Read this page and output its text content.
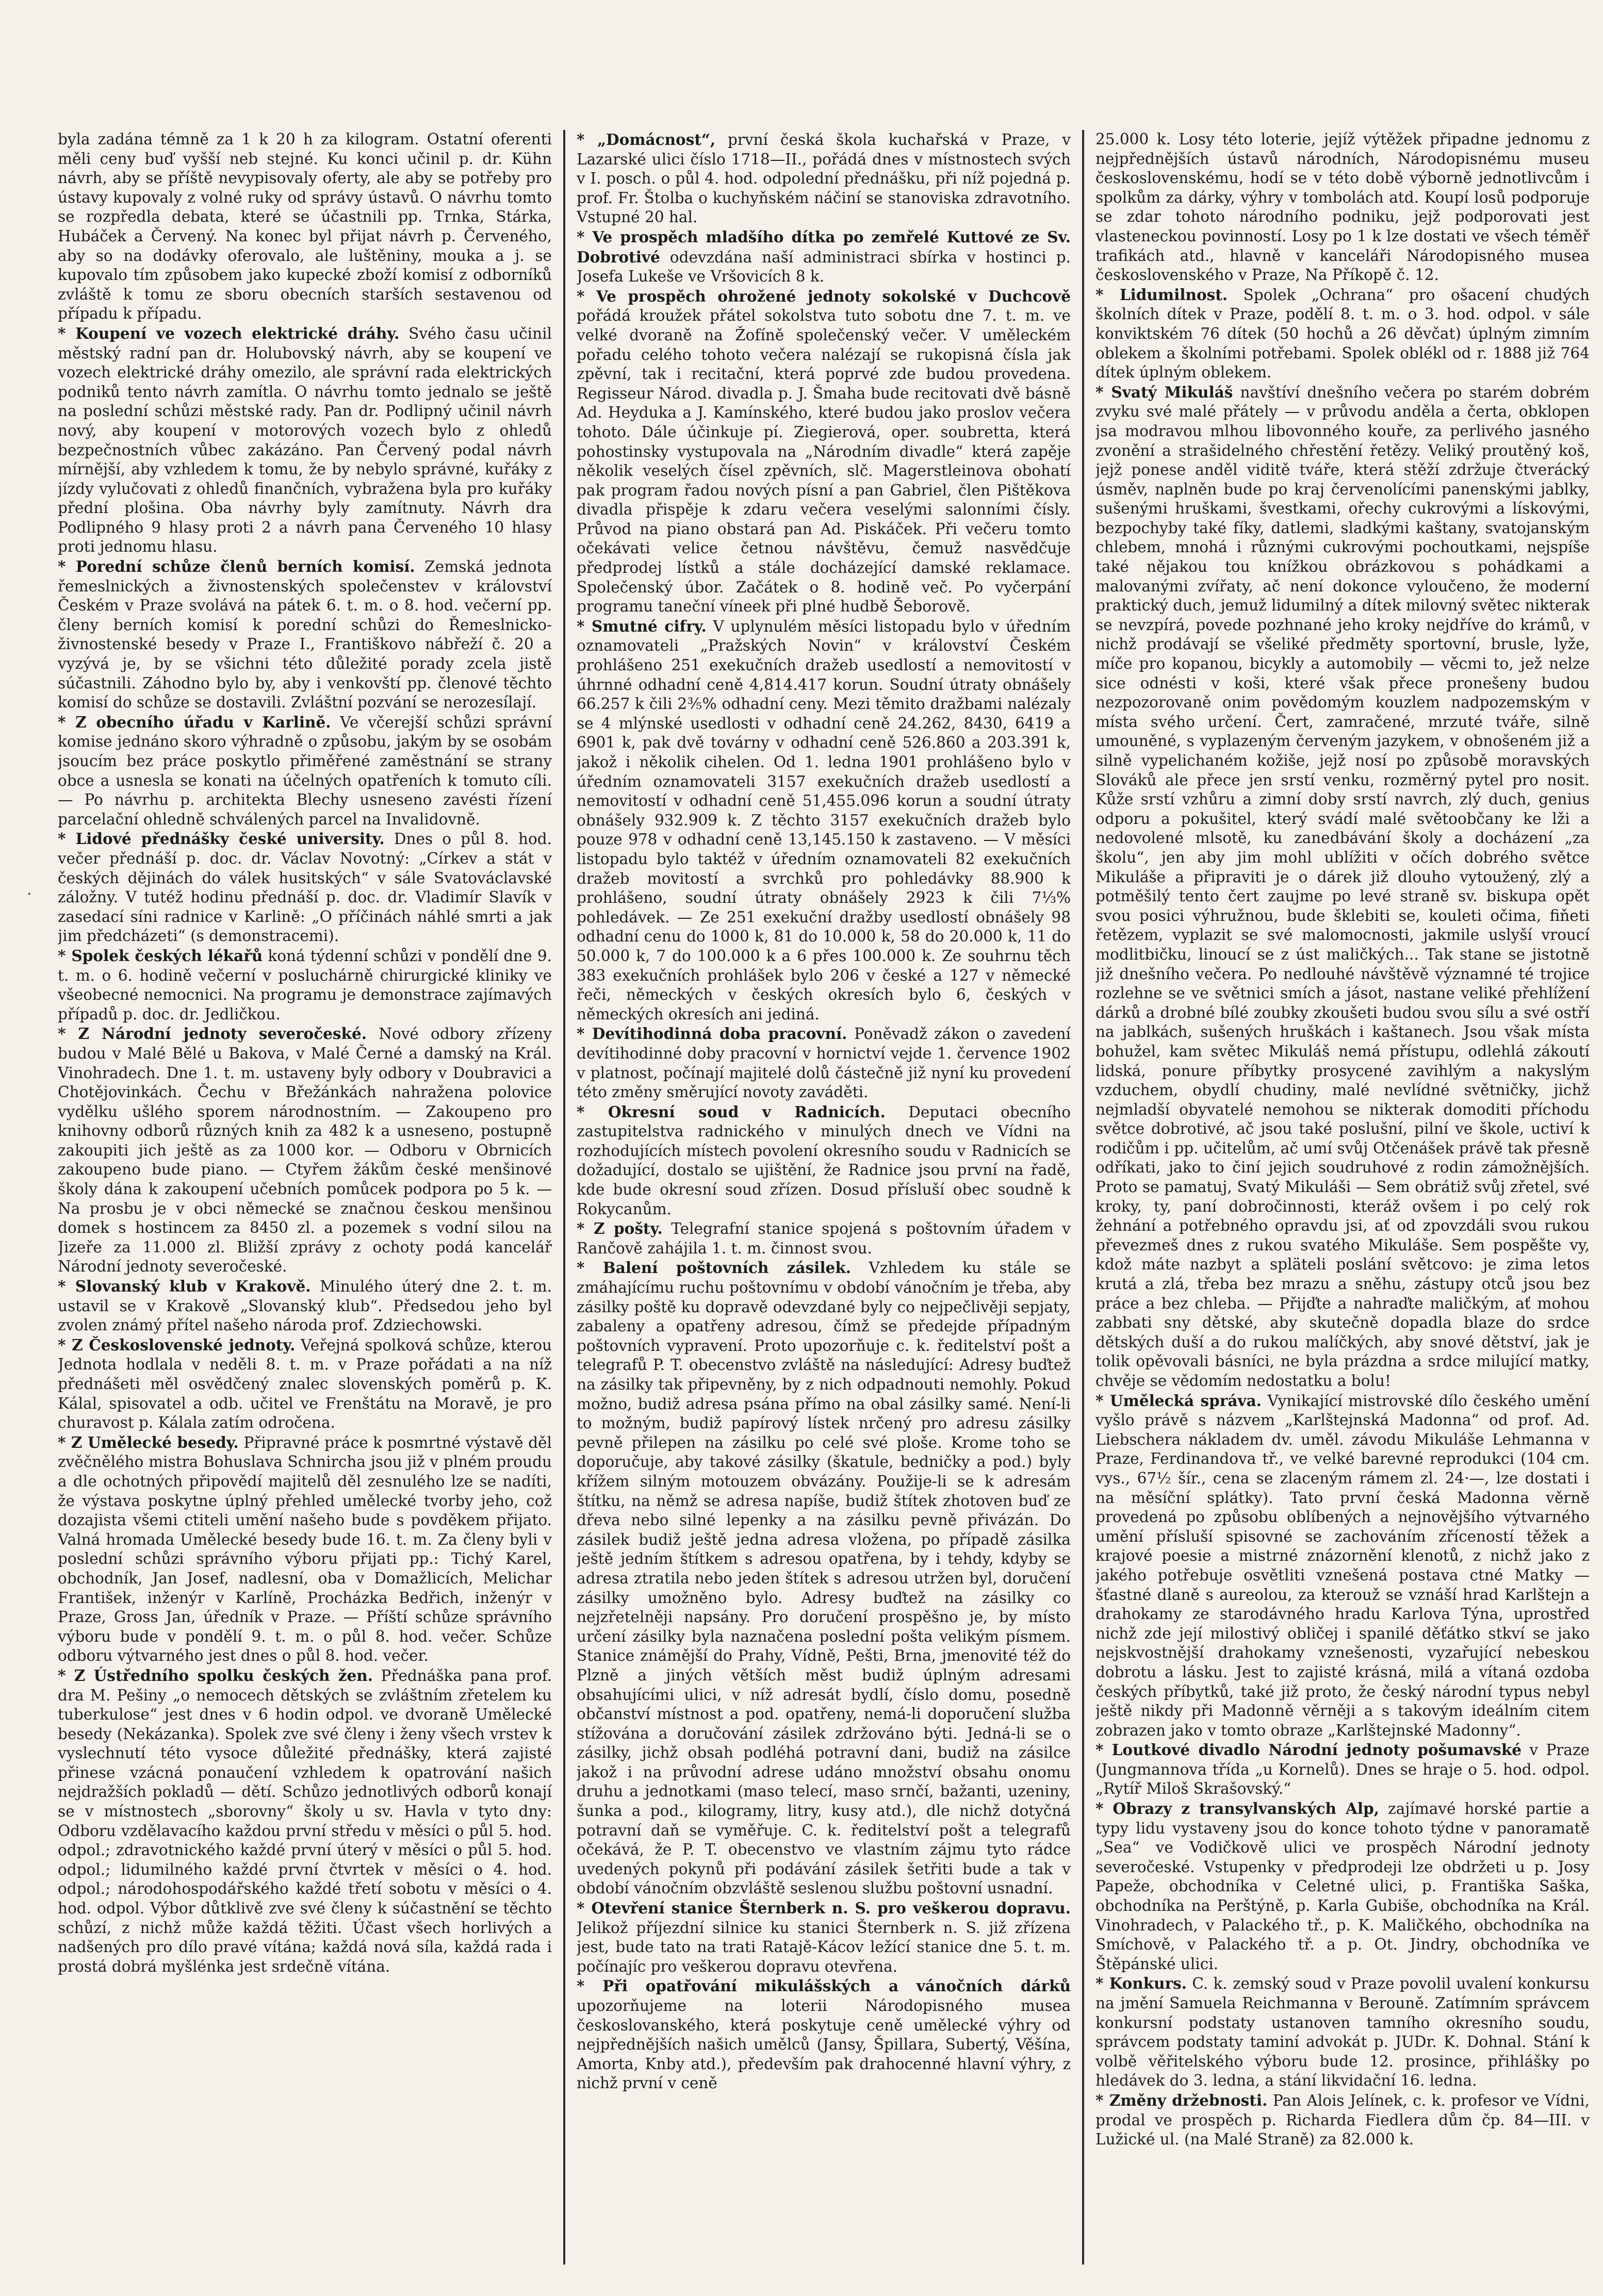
.

byla zadána témně za 1 k 20 h za kilogram. Ostatní oferenti měli ceny buď vyšší neb stejné. Ku konci učinil p. dr. Kühn návrh, aby se příště nevypisovaly oferty, ale aby se potřeby pro ústavy kupovaly z volné ruky od správy ústavů. O návrhu tomto se rozpředla debata, které se účastnili pp. Trnka, Stárka, Hubáček a Červený. Na konec byl přijat návrh p. Červeného, aby so na dodávky oferovalo, ale luštěniny, mouka a j. se kupovalo tím způsobem jako kupecké zboží komisí z odborníků zvláště k tomu ze sboru obecních starších sestavenou od případu k případu.

* Koupení ve vozech elektrické dráhy. Svého času učinil městský radní pan dr. Holubovský návrh, aby se koupení ve vozech elektrické dráhy omezilo, ale správní rada elektrických podniků tento návrh zamítla. O návrhu tomto jednalo se ještě na poslední schůzi městské rady. Pan dr. Podlipný učinil návrh nový, aby koupení v motorových vozech bylo z ohledů bezpečnostních vůbec zakázáno. Pan Červený podal návrh mírnější, aby vzhledem k tomu, že by nebylo správné, kuřáky z jízdy vylučovati z ohledů finančních, vybražena byla pro kuřáky přední plošina. Oba návrhy byly zamítnuty. Návrh dra Podlipného 9 hlasy proti 2 a návrh pana Červeného 10 hlasy proti jednomu hlasu.

* Porední schůze členů berních komisí. Zemská jednota řemeslnických a živnostenských společenstev v království Českém v Praze svolává na pátek 6. t. m. o 8. hod. večerní pp. členy berních komisí k porední schůzi do Řemeslnicko-živnostenské besedy v Praze I., Františkovo nábřeží č. 20 a vyzývá je, by se všichni této důležité porady zcela jistě súčastnili. Záhodno bylo by, aby i venkovští pp. členové těchto komisí do schůze se dostavili. Zvláštní pozvání se nerozesílají.

* Z obecního úřadu v Karlině. Ve včerejší schůzi správní komise jednáno skoro výhradně o způsobu, jakým by se osobám jsoucím bez práce poskytlo přiměřené zaměstnání se strany obce a usnesla se konati na účelných opatřeních k tomuto cíli. — Po návrhu p. architekta Blechy usneseno zavésti řízení parcelační ohledně schválených parcel na Invalidovně.

* Lidové přednášky české university. Dnes o půl 8. hod. večer přednáší p. doc. dr. Václav Novotný: „Církev a stát v českých dějinách do válek husitských“ v sále Svatováclavské záložny. V tutéž hodinu přednáší p. doc. dr. Vladimír Slavík v zasedací síni radnice v Karlině: „O příčinách náhlé smrti a jak jim předcházeti“ (s demonstracemi).

* Spolek českých lékařů koná týdenní schůzi v pondělí dne 9. t. m. o 6. hodině večerní v posluchárně chirurgické kliniky ve všeobecné nemocnici. Na programu je demonstrace zajímavých případů p. doc. dr. Jedličkou.

* Z Národní jednoty severočeské. Nové odbory zřízeny budou v Malé Bělé u Bakova, v Malé Černé a damský na Král. Vinohradech. Dne 1. t. m. ustaveny byly odbory v Doubravici a Chotějovinkách. Čechu v Břežánkách nahražena polovice vydělku ušlého sporem národnostním. — Zakoupeno pro knihovny odborů různých knih za 482 k a usneseno, postupně zakoupiti jich ještě as za 1000 kor. — Odboru v Obrnicích zakoupeno bude piano. — Ctyřem žákům české menšinové školy dána k zakoupení učebních pomůcek podpora po 5 k. — Na prosbu je v obci německé se značnou českou menšinou domek s hostincem za 8450 zl. a pozemek s vodní silou na Jizeře za 11.000 zl. Bližší zprávy z ochoty podá kancelář Národní jednoty severočeské.

* Slovanský klub v Krakově. Minulého úterý dne 2. t. m. ustavil se v Krakově „Slovanský klub“. Předsedou jeho byl zvolen známý přítel našeho národa prof. Zdziechowski.

* Z Československé jednoty. Veřejná spolková schůze, kterou Jednota hodlala v neděli 8. t. m. v Praze pořádati a na níž přednášeti měl osvědčený znalec slovenských poměrů p. K. Kálal, spisovatel a odb. učitel ve Frenštátu na Moravě, je pro churavost p. Kálala zatím odročena.

* Z Umělecké besedy. Připravné práce k posmrtné výstavě děl zvěčnělého mistra Bohuslava Schnircha jsou již v plném proudu a dle ochotných připovědí majitelů děl zesnulého lze se nadíti, že výstava poskytne úplný přehled umělecké tvorby jeho, což dozajista všemi ctiteli umění našeho bude s povděkem přijato. Valná hromada Umělecké besedy bude 16. t. m. Za členy byli v poslední schůzi správního výboru přijati pp.: Tichý Karel, obchodník, Jan Josef, nadlesní, oba v Domažlicích, Melichar František, inženýr v Karlíně, Procházka Bedřich, inženýr v Praze, Gross Jan, úředník v Praze. — Příští schůze správního výboru bude v pondělí 9. t. m. o půl 8. hod. večer. Schůze odboru výtvarného jest dnes o půl 8. hod. večer.

* Z Ústředního spolku českých žen. Přednáška pana prof. dra M. Pešiny „o nemocech dětských se zvláštním zřetelem ku tuberkulose“ jest dnes v 6 hodin odpol. ve dvoraně Umělecké besedy (Nekázanka). Spolek zve své členy i ženy všech vrstev k vyslechnutí této vysoce důležité přednášky, která zajisté přinese vzácná ponaučení vzhledem k opatrování našich nejdražších pokladů — dětí. Schůzo jednotlivých odborů konají se v místnostech „sborovny“ školy u sv. Havla v tyto dny: Odboru vzdělavacího každou první středu v měsíci o půl 5. hod. odpol.; zdravotnického každé první úterý v měsíci o půl 5. hod. odpol.; lidumilného každé první čtvrtek v měsíci o 4. hod. odpol.; národohospodářského každé třetí sobotu v měsíci o 4. hod. odpol. Výbor důtklivě zve své členy k súčastnění se těchto schůzí, z nichž může každá těžiti. Účast všech horlivých a nadšených pro dílo pravé vítána; každá nová síla, každá rada i prostá dobrá myšlénka jest srdečně vítána.

* „Domácnost“, první česká škola kuchařská v Praze, v Lazarské ulici číslo 1718—II., pořádá dnes v místnostech svých v I. posch. o půl 4. hod. odpolední přednášku, při níž pojedná p. prof. Fr. Štolba o kuchyňském náčiní se stanoviska zdravotního. Vstupné 20 hal.

* Ve prospěch mladšího dítka po zemřelé Kuttové ze Sv. Dobrotivé odevzdána naší administraci sbírka v hostinci p. Josefa Lukeše ve Vršovicích 8 k.

* Ve prospěch ohrožené jednoty sokolské v Duchcově pořádá kroužek přátel sokolstva tuto sobotu dne 7. t. m. ve velké dvoraně na Žofíně společenský večer. V uměleckém pořadu celého tohoto večera nalézají se rukopisná čísla jak zpěvní, tak i recitační, která poprvé zde budou provedena. Regisseur Národ. divadla p. J. Šmaha bude recitovati dvě básně Ad. Heyduka a J. Kamínského, které budou jako proslov večera tohoto. Dále účinkuje pí. Ziegierová, oper. soubretta, která pohostinsky vystupovala na „Národním divadle“ která zapěje několik veselých čísel zpěvních, slč. Magerstleinova obohatí pak program řadou nových písní a pan Gabriel, člen Pištěkova divadla přispěje k zdaru večera veselými salonními čísly. Průvod na piano obstará pan Ad. Piskáček. Při večeru tomto očekávati velice četnou návštěvu, čemuž nasvědčuje předprodej lístků a stále docházející damské reklamace. Společenský úbor. Začátek o 8. hodině več. Po vyčerpání programu taneční víneek při plné hudbě Šeborově.

* Smutné cifry. V uplynulém měsíci listopadu bylo v úředním oznamovateli „Pražských Novin“ v království Českém prohlášeno 251 exekučních dražeb usedlostí a nemovitostí v úhrnné odhadní ceně 4,814.417 korun. Soudní útraty obnášely 66.257 k čili 2⅗% odhadní ceny. Mezi těmito dražbami nalézaly se 4 mlýnské usedlosti v odhadní ceně 24.262, 8430, 6419 a 6901 k, pak dvě továrny v odhadní ceně 526.860 a 203.391 k, jakož i několik cihelen. Od 1. ledna 1901 prohlášeno bylo v úředním oznamovateli 3157 exekučních dražeb usedlostí a nemovitostí v odhadní ceně 51,455.096 korun a soudní útraty obnášely 932.909 k. Z těchto 3157 exekučních dražeb bylo pouze 978 v odhadní ceně 13,145.150 k zastaveno. — V měsíci listopadu bylo taktéž v úředním oznamovateli 82 exekučních dražeb movitostí a svrchků pro pohledávky 88.900 k prohlášeno, soudní útraty obnášely 2923 k čili 7⅓% pohledávek. — Ze 251 exekuční dražby usedlostí obnášely 98 odhadní cenu do 1000 k, 81 do 10.000 k, 58 do 20.000 k, 11 do 50.000 k, 7 do 100.000 k a 6 přes 100.000 k. Ze souhrnu těch 383 exekučních prohlášek bylo 206 v české a 127 v německé řeči, německých v českých okresích bylo 6, českých v německých okresích ani jediná.

* Devítihodinná doba pracovní. Poněvadž zákon o zavedení devítihodinné doby pracovní v hornictví vejde 1. července 1902 v platnost, počínají majitelé dolů částečně již nyní ku provedení této změny směrující novoty zaváděti.

* Okresní soud v Radnicích. Deputaci obecního zastupitelstva radnického v minulých dnech ve Vídni na rozhodujících místech povolení okresního soudu v Radnicích se dožadující, dostalo se ujištění, že Radnice jsou první na řadě, kde bude okresní soud zřízen. Dosud přísluší obec soudně k Rokycanům.

* Z pošty. Telegrafní stanice spojená s poštovním úřadem v Rančově zahájila 1. t. m. činnost svou.

* Balení poštovních zásilek. Vzhledem ku stále se zmáhajícímu ruchu poštovnímu v období vánočním je třeba, aby zásilky poště ku dopravě odevzdané byly co nejpečlivěji sepjaty, zabaleny a opatřeny adresou, čímž se předejde případným poštovních vypravení. Proto upozorňuje c. k. ředitelství pošt a telegrafů P. T. obecenstvo zvláště na následující: Adresy buďtež na zásilky tak připevněny, by z nich odpadnouti nemohly. Pokud možno, budiž adresa psána přímo na obal zásilky samé. Není-li to možným, budiž papírový lístek nrčený pro adresu zásilky pevně přilepen na zásilku po celé své ploše. Krome toho se doporučuje, aby takové zásilky (škatule, bedničky a pod.) byly křížem silným motouzem obvázány. Použije-li se k adresám štítku, na němž se adresa napíše, budiž štítek zhotoven buď ze dřeva nebo silné lepenky a na zásilku pevně přivázán. Do zásilek budiž ještě jedna adresa vložena, po případě zásilka ještě jedním štítkem s adresou opatřena, by i tehdy, kdyby se adresa ztratila nebo jeden štítek s adresou utržen byl, doručení zásilky umožněno bylo. Adresy buďtež na zásilky co nejzřetelněji napsány. Pro doručení prospěšno je, by místo určení zásilky byla naznačena poslední pošta velikým písmem. Stanice známější do Prahy, Vídně, Pešti, Brna, jmenovité též do Plzně a jiných větších měst budiž úplným adresami obsahujícími ulici, v níž adresát bydlí, číslo domu, posedně občanství místnost a pod. opatřeny, nemá-li doporučení služba stížována a doručování zásilek zdržováno býti. Jedná-li se o zásilky, jichž obsah podléhá potravní dani, budiž na zásilce jakož i na průvodní adrese udáno množství obsahu onomu druhu a jednotkami (maso telecí, maso srnčí, bažanti, uzeniny, šunka a pod., kilogramy, litry, kusy atd.), dle nichž dotyčná potravní daň se vyměřuje. C. k. ředitelství pošt a telegrafů očekává, že P. T. obecenstvo ve vlastním zájmu tyto rádce uvedených pokynů při podávání zásilek šetřiti bude a tak v období vánočním obzvláště seslenou službu poštovní usnadní.

* Otevření stanice Šternberk n. S. pro veškerou dopravu. Jelikož příjezdní silnice ku stanici Šternberk n. S. již zřízena jest, bude tato na trati Ratajě-Kácov ležící stanice dne 5. t. m. počínajíc pro veškerou dopravu otevřena.

* Při opatřování mikulášských a vánočních dárků upozorňujeme na loterii Národopisného musea českoslovanského, která poskytuje ceně umělecké výhry od nejpřednějších našich umělců (Jansy, Špillara, Subertý, Věšína, Amorta, Knby atd.), především pak drahocenné hlavní výhry, z nichž první v ceně

25.000 k. Losy této loterie, jejíž výtěžek připadne jednomu z nejpřednějších ústavů národních, Národopisnému museu československému, hodí se v této době výborně jednotlivcům i spolkům za dárky, výhry v tombolách atd. Koupí losů podporuje se zdar tohoto národního podniku, jejž podporovati jest vlasteneckou povinností. Losy po 1 k lze dostati ve všech téměř trafikách atd., hlavně v kanceláři Národopisného musea československého v Praze, Na Příkopě č. 12.

* Lidumilnost. Spolek „Ochrana“ pro ošacení chudých školních dítek v Praze, podělí 8. t. m. o 3. hod. odpol. v sále konviktském 76 dítek (50 hochů a 26 děvčat) úplným zimním oblekem a školními potřebami. Spolek oblékl od r. 1888 již 764 dítek úplným oblekem.

* Svatý Mikuláš navštíví dnešního večera po starém dobrém zvyku své malé přátely — v průvodu anděla a čerta, obklopen jsa modravou mlhou libovonného kouře, za perlivého jasného zvonění a strašidelného chřestění řetězy. Veliký proutěný koš, jejž ponese anděl viditě tváře, která stěží zdržuje čtverácký úsměv, naplněn bude po kraj červenolícími panenskými jablky, sušenými hruškami, švestkami, ořechy cukrovými a lískovými, bezpochyby také fíky, datlemi, sladkými kaštany, svatojanským chlebem, mnohá i různými cukrovými pochoutkami, nejspíše také nějakou tou knížkou obrázkovou s pohádkami a malovanými zvířaty, ač není dokonce vyloučeno, že moderní praktický duch, jemuž lidumilný a dítek milovný světec nikterak se nevzpírá, povede pozhnané jeho kroky nejdříve do krámů, v nichž prodávají se všeliké předměty sportovní, brusle, lyže, míče pro kopanou, bicykly a automobily — věcmi to, jež nelze sice odnésti v koši, které však přece pronešeny budou nezpozorovaně onim povědomým kouzlem nadpozemským v místa svého určení. Čert, zamračené, mrzuté tváře, silně umouněné, s vyplazeným červeným jazykem, v obnošeném již a silně vypelichaném kožiše, jejž nosí po způsobě moravských Slováků ale přece jen srstí venku, rozměrný pytel pro nosit. Kůže srstí vzhůru a zimní doby srstí navrch, zlý duch, genius odporu a pokušitel, který svádí malé světoobčany ke lži a nedovolené mlsotě, ku zanedbávání školy a docházení „za školu“, jen aby jim mohl ublížiti v očích dobrého světce Mikuláše a připraviti je o dárek již dlouho vytoužený, zlý a potměšilý tento čert zaujme po levé straně sv. biskupa opět svou posici výhružnou, bude šklebiti se, kouleti očima, fiňeti řetězem, vyplazit se své malomocnosti, jakmile uslyší vroucí modlitbičku, linoucí se z úst maličkých... Tak stane se jistotně již dnešního večera. Po nedlouhé návštěvě významné té trojice rozlehne se ve světnici smích a jásot, nastane veliké přehlížení dárků a drobné bílé zoubky zkoušeti budou svou sílu a své ostří na jablkách, sušených hruškách i kaštanech. Jsou však místa bohužel, kam světec Mikuláš nemá přístupu, odlehlá zákoutí lidská, ponure příbytky prosycené zavihlým a nakyslým vzduchem, obydlí chudiny, malé nevlídné světničky, jichž nejmladší obyvatelé nemohou se nikterak domoditi příchodu světce dobrotivé, ač jsou také poslušní, pilní ve škole, uctiví k rodičům i pp. učitelům, ač umí svůj Otčenášek právě tak přesně odříkati, jako to činí jejich soudruhové z rodin zámožnějších. Proto se pamatuj, Svatý Mikuláši — Sem obrátiž svůj zřetel, své kroky, ty, paní dobročinnosti, kteráž ovšem i po celý rok žehnání a potřebného opravdu jsi, ať od zpovzdáli svou rukou převezmeš dnes z rukou svatého Mikuláše. Sem pospěšte vy, kdož máte nazbyt a spläteli poslání světcovo: je zima letos krutá a zlá, třeba bez mrazu a sněhu, zástupy otců jsou bez práce a bez chleba. — Přijďte a nahraďte maličkým, ať mohou zabbati sny dětské, aby skutečně dopadla blaze do srdce dětských duší a do rukou malíčkých, aby snové dětství, jak je tolik opěvovali básníci, ne byla prázdna a srdce milující matky, chvěje se vědomím nedostatku a bolu!

* Umělecká správa. Vynikající mistrovské dílo českého umění vyšlo právě s názvem „Karlštejnská Madonna“ od prof. Ad. Liebschera nákladem dv. uměl. závodu Mikuláše Lehmanna v Praze, Ferdinandova tř., ve velké barevné reprodukci (104 cm. vys., 67½ šír., cena se zlaceným rámem zl. 24·—, lze dostati i na měsíční splátky). Tato první česká Madonna věrně provedená po způsobu oblíbených a nejnovějšího výtvarného umění přísluší spisovné se zachováním zříceností těžek a krajové poesie a mistrné znázornění klenotů, z nichž jako z jakého potřebuje osvětliti vznešená postava ctné Matky — šťastné dlaně s aureolou, za kterouž se vznáší hrad Karlštejn a drahokamy ze starodávného hradu Karlova Týna, uprostřed nichž zde její milostivý obličej i spanilé děťátko stkví se jako nejskvostnější drahokamy vznešenosti, vyzařující nebeskou dobrotu a lásku. Jest to zajisté krásná, milá a vítaná ozdoba českých příbytků, také již proto, že český národní typus nebyl ještě nikdy při Madonně věrněji a s takovým ideálním citem zobrazen jako v tomto obraze „Karlštejnské Madonny“.

* Loutkové divadlo Národní jednoty pošumavské v Praze (Jungmannova třída „u Kornelů). Dnes se hraje o 5. hod. odpol. „Rytíř Miloš Skrašovský.“

* Obrazy z transylvanských Alp, zajímavé horské partie a typy lidu vystaveny jsou do konce tohoto týdne v panoramatě „Sea“ ve Vodičkově ulici ve prospěch Národní jednoty severočeské. Vstupenky v předprodeji lze obdržeti u p. Josy Papeže, obchodníka v Celetné ulici, p. Františka Saška, obchodníka na Perštýně, p. Karla Gubiše, obchodníka na Král. Vinohradech, v Palackého tř., p. K. Maličkého, obchodníka na Smíchově, v Palackého tř. a p. Ot. Jindry, obchodníka ve Štěpánské ulici.

* Konkurs. C. k. zemský soud v Praze povolil uvalení konkursu na jmění Samuela Reichmanna v Berouně. Zatímním správcem konkursní podstaty ustanoven tamního okresního soudu, správcem podstaty taminí advokát p. JUDr. K. Dohnal. Stání k volbě věřitelského výboru bude 12. prosince, přihlášky po hledávek do 3. ledna, a stání likvidační 16. ledna.

* Změny držebnosti. Pan Alois Jelínek, c. k. profesor ve Vídni, prodal ve prospěch p. Richarda Fiedlera dům čp. 84—III. v Lužické ul. (na Malé Straně) za 82.000 k.
